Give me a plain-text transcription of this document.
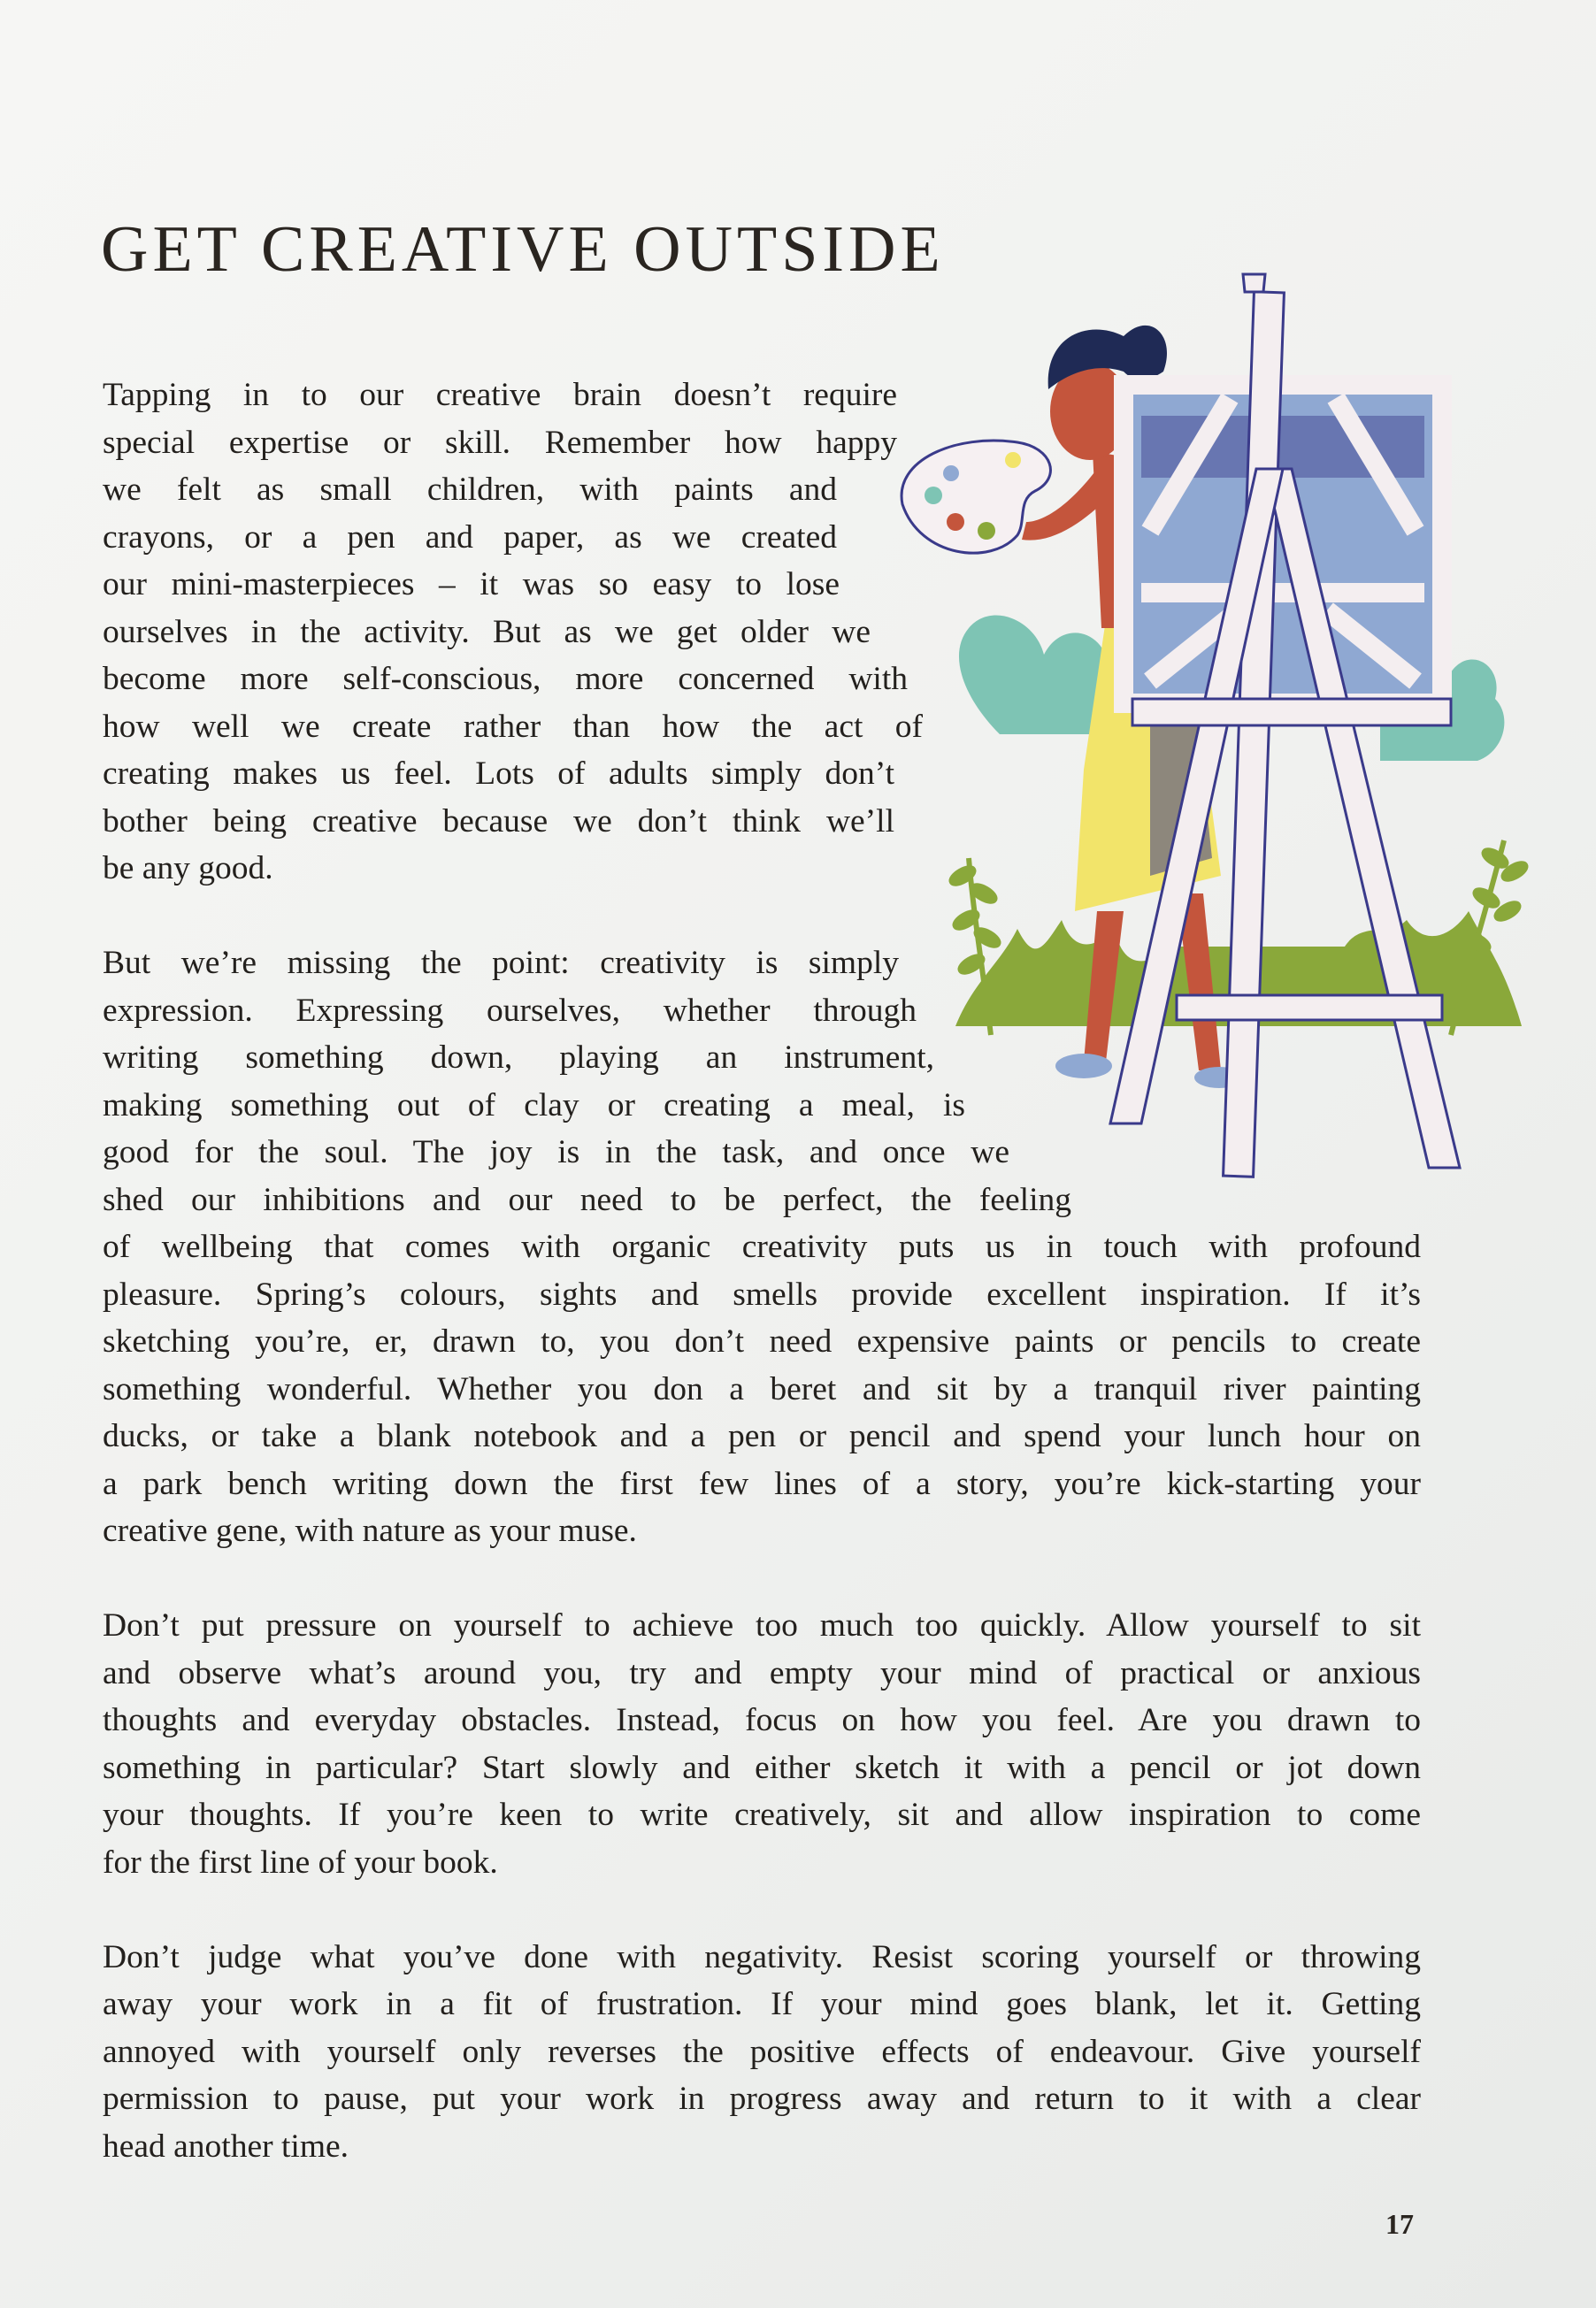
GET CREATIVE OUTSIDE
Tapping in to our creative brain doesn’t require
special expertise or skill. Remember how happy
we felt as small children, with paints and
crayons, or a pen and paper, as we created
our mini-masterpieces – it was so easy to lose
ourselves in the activity. But as we get older we
become more self-conscious, more concerned with
how well we create rather than how the act of
creating makes us feel. Lots of adults simply don’t
bother being creative because we don’t think we’ll
be any good.
But we’re missing the point: creativity is simply
expression. Expressing ourselves, whether through
writing something down, playing an instrument,
making something out of clay or creating a meal, is
good for the soul. The joy is in the task, and once we
shed our inhibitions and our need to be perfect, the feeling
of wellbeing that comes with organic creativity puts us in touch with profound
pleasure. Spring’s colours, sights and smells provide excellent inspiration. If it’s
sketching you’re, er, drawn to, you don’t need expensive paints or pencils to create
something wonderful. Whether you don a beret and sit by a tranquil river painting
ducks, or take a blank notebook and a pen or pencil and spend your lunch hour on
a park bench writing down the first few lines of a story, you’re kick-starting your
creative gene, with nature as your muse.
Don’t put pressure on yourself to achieve too much too quickly. Allow yourself to sit
and observe what’s around you, try and empty your mind of practical or anxious
thoughts and everyday obstacles. Instead, focus on how you feel. Are you drawn to
something in particular? Start slowly and either sketch it with a pencil or jot down
your thoughts. If you’re keen to write creatively, sit and allow inspiration to come
for the first line of your book.
Don’t judge what you’ve done with negativity. Resist scoring yourself or throwing
away your work in a fit of frustration. If your mind goes blank, let it. Getting
annoyed with yourself only reverses the positive effects of endeavour. Give yourself
permission to pause, put your work in progress away and return to it with a clear
head another time.
17
